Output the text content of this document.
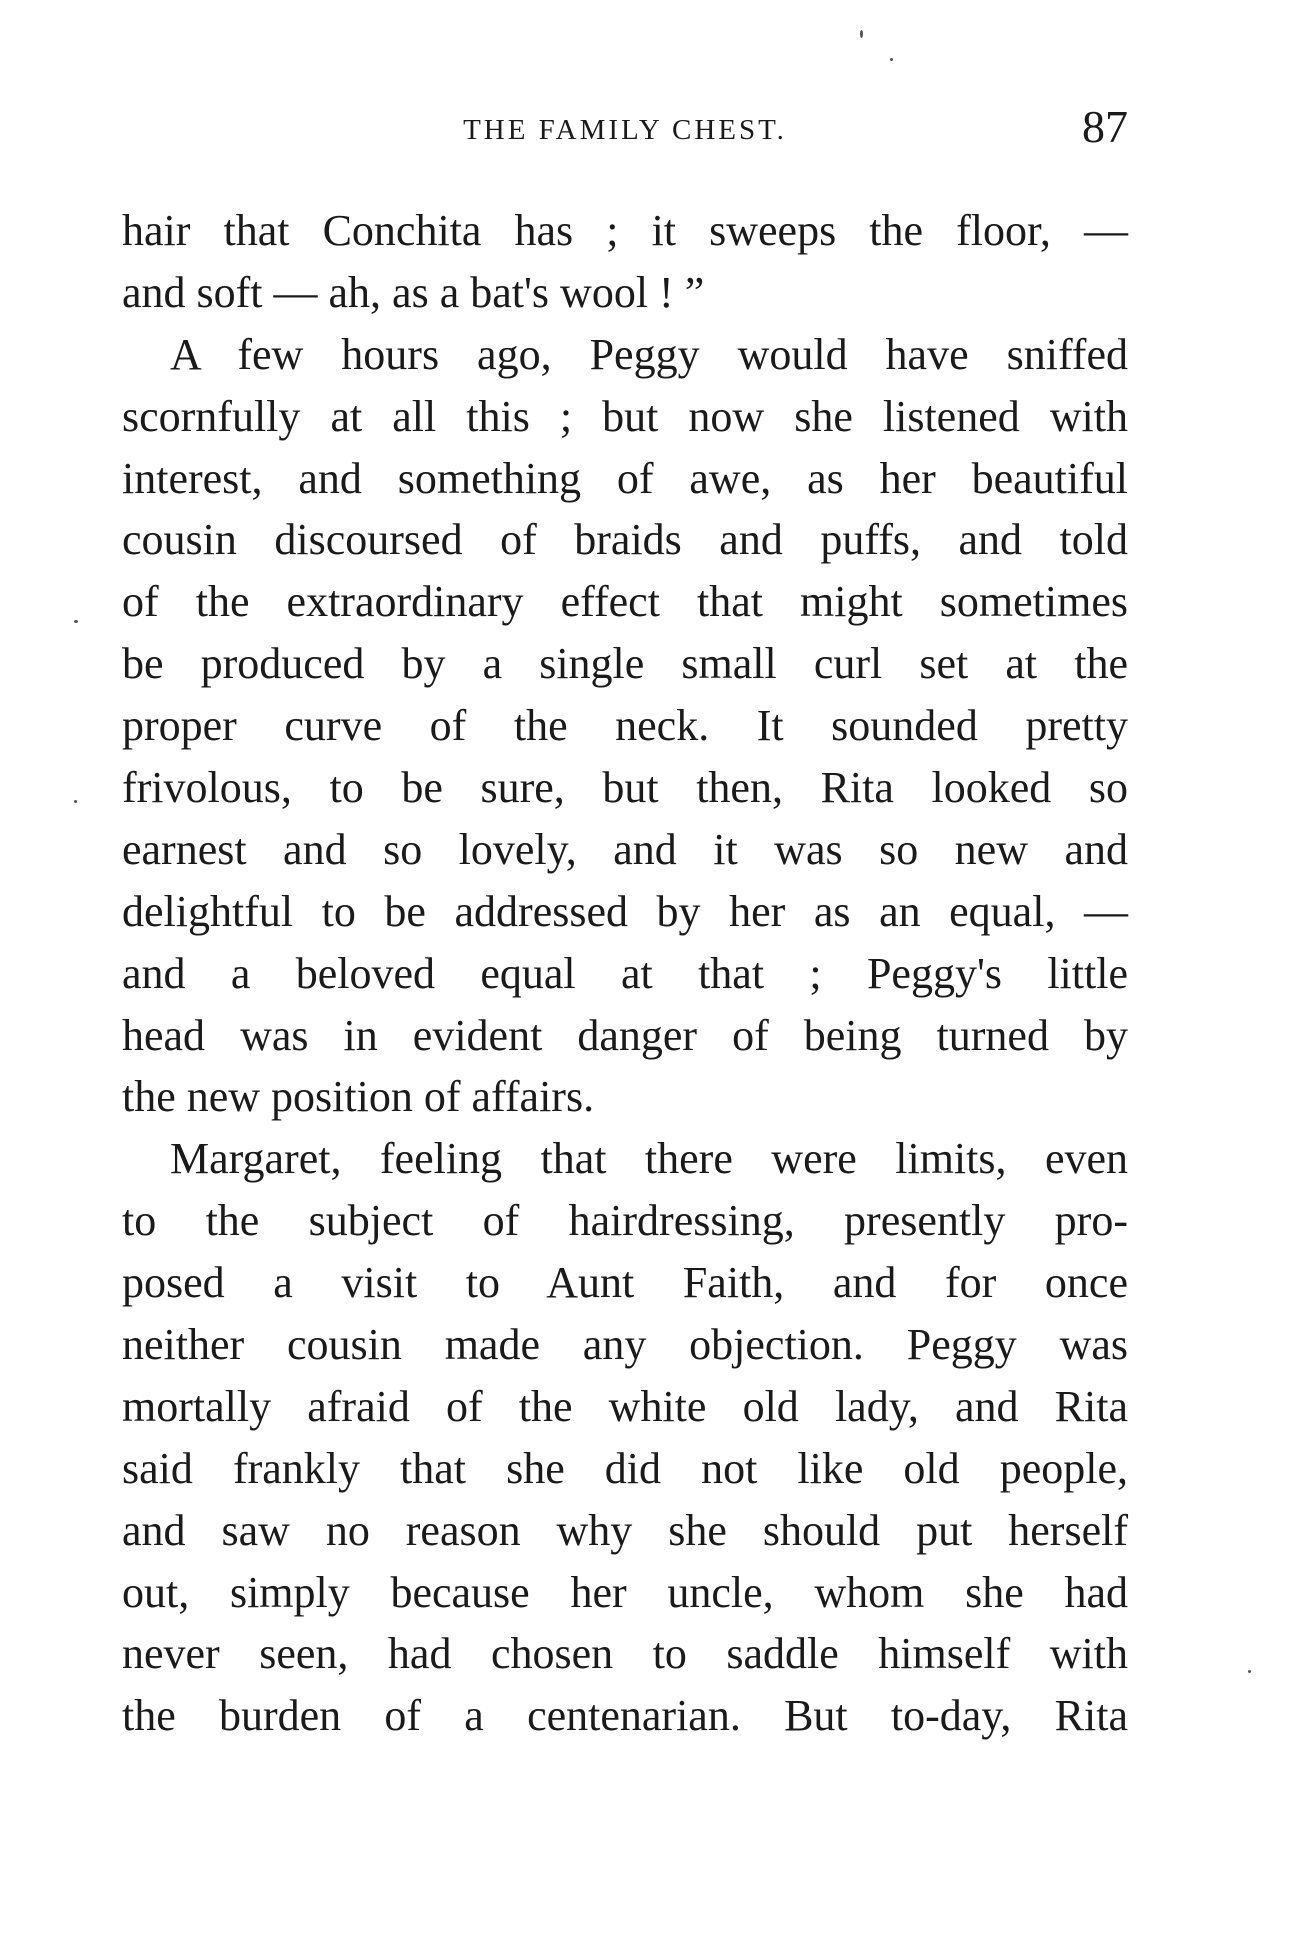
THE FAMILY CHEST.	87
hair that Conchita has ; it sweeps the floor, —
and soft — ah, as a bat's wool ! ”
A few hours ago, Peggy would have sniffed
scornfully at all this ; but now she listened with
interest, and something of awe, as her beautiful
cousin discoursed of braids and puffs, and told
of the extraordinary effect that might sometimes
be produced by a single small curl set at the
proper curve of the neck. It sounded pretty
frivolous, to be sure, but then, Rita looked so
earnest and so lovely, and it was so new and
delightful to be addressed by her as an equal, —
and a beloved equal at that ; Peggy's little
head was in evident danger of being turned by
the new position of affairs.
Margaret, feeling that there were limits, even
to the subject of hairdressing, presently pro-
posed a visit to Aunt Faith, and for once
neither cousin made any objection. Peggy was
mortally afraid of the white old lady, and Rita
said frankly that she did not like old people,
and saw no reason why she should put herself
out, simply because her uncle, whom she had
never seen, had chosen to saddle himself with
the burden of a centenarian. But to-day, Rita
